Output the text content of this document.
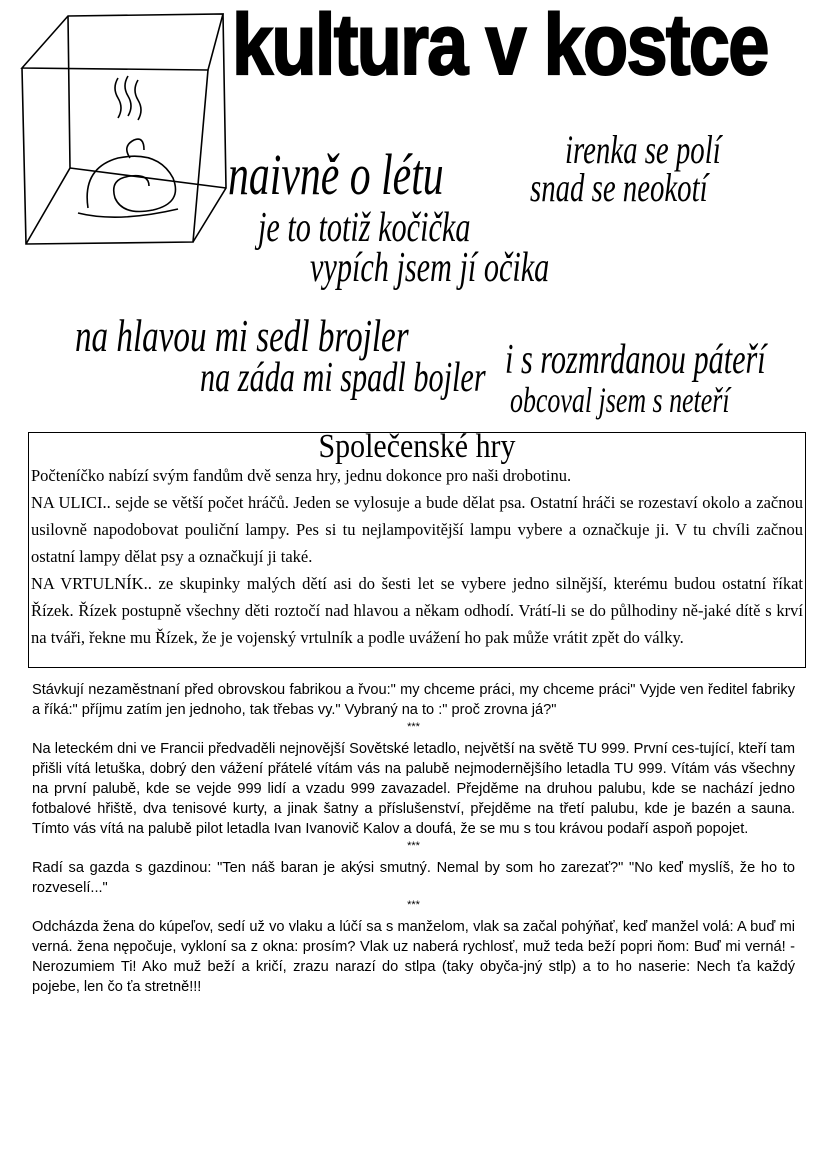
kultura v kostce
naivně o létu	irenka se polí
snad se neokotí
je to totiž kočička
vypích jsem jí očika
na hlavou mi sedl brojler
na záda mi spadl bojler i s rozmrdanou páteří
obcoval jsem s neteří
Společenské hry

Počteníčko nabízí svým fandům dvě senza hry, jednu dokonce pro naši drobotinu.

NA ULICI.. sejde se větší počet hráčů. Jeden se vylosuje a bude dělat psa. Ostatní hráči se rozestaví okolo a začnou usilovně napodobovat pouliční lampy. Pes si tu nejlampovitější lampu vybere a označkuje ji. V tu chvíli začnou ostatní lampy dělat psy a označkují ji také.

NA VRTULNÍK.. ze skupinky malých dětí asi do šesti let se vybere jedno silnější, kterému budou ostatní říkat Řízek. Řízek postupně všechny děti roztočí nad hlavou a někam odhodí. Vrátí-li se do půlhodiny ně-jaké dítě s krví na tváři, řekne mu Řízek, že je vojenský vrtulník a podle uvážení ho pak může vrátit zpět do války.

Stávkují nezaměstnaní před obrovskou fabrikou a řvou:" my chceme práci, my chceme práci" Vyjde ven ředitel fabriky a říká:" příjmu zatím jen jednoho, tak třebas vy." Vybraný na to :" proč zrovna já?"

***

Na leteckém dni ve Francii předvaděli nejnovější Sovětské letadlo, největší na světě TU 999. První ces-tující, kteří tam přišli vítá letuška, dobrý den vážení přátelé vítám vás na palubě nejmodernějšího letadla TU 999. Vítám vás všechny na první palubě, kde se vejde 999 lidí a vzadu 999 zavazadel. Přejděme na druhou palubu, kde se nachází jedno fotbalové hřiště, dva tenisové kurty, a jinak šatny a příslušenství, přejděme na třetí palubu, kde je bazén a sauna. Tímto vás vítá na palubě pilot letadla Ivan Ivanovič Kalov a doufá, že se mu s tou krávou podaří aspoň popojet.

***

Radí sa gazda s gazdinou: "Ten náš baran je akýsi smutný. Nemal by som ho zarezať?" "No keď myslíš, že ho to rozveselí..."

***

Odcházda žena do kúpeľov, sedí už vo vlaku a lúčí sa s manželom, vlak sa začal pohýňať, keď manžel volá: A buď mi verná. žena nępočuje, vykloní sa z okna: prosím? Vlak uz naberá rychlosť, muž teda beží popri ňom: Buď mi verná! -Nerozumiem Ti! Ako muž beží a kričí, zrazu narazí do stlpa (taky obyča-jný stlp) a to ho naserie: Nech ťa každý pojebe, len čo ťa stretně!!!
